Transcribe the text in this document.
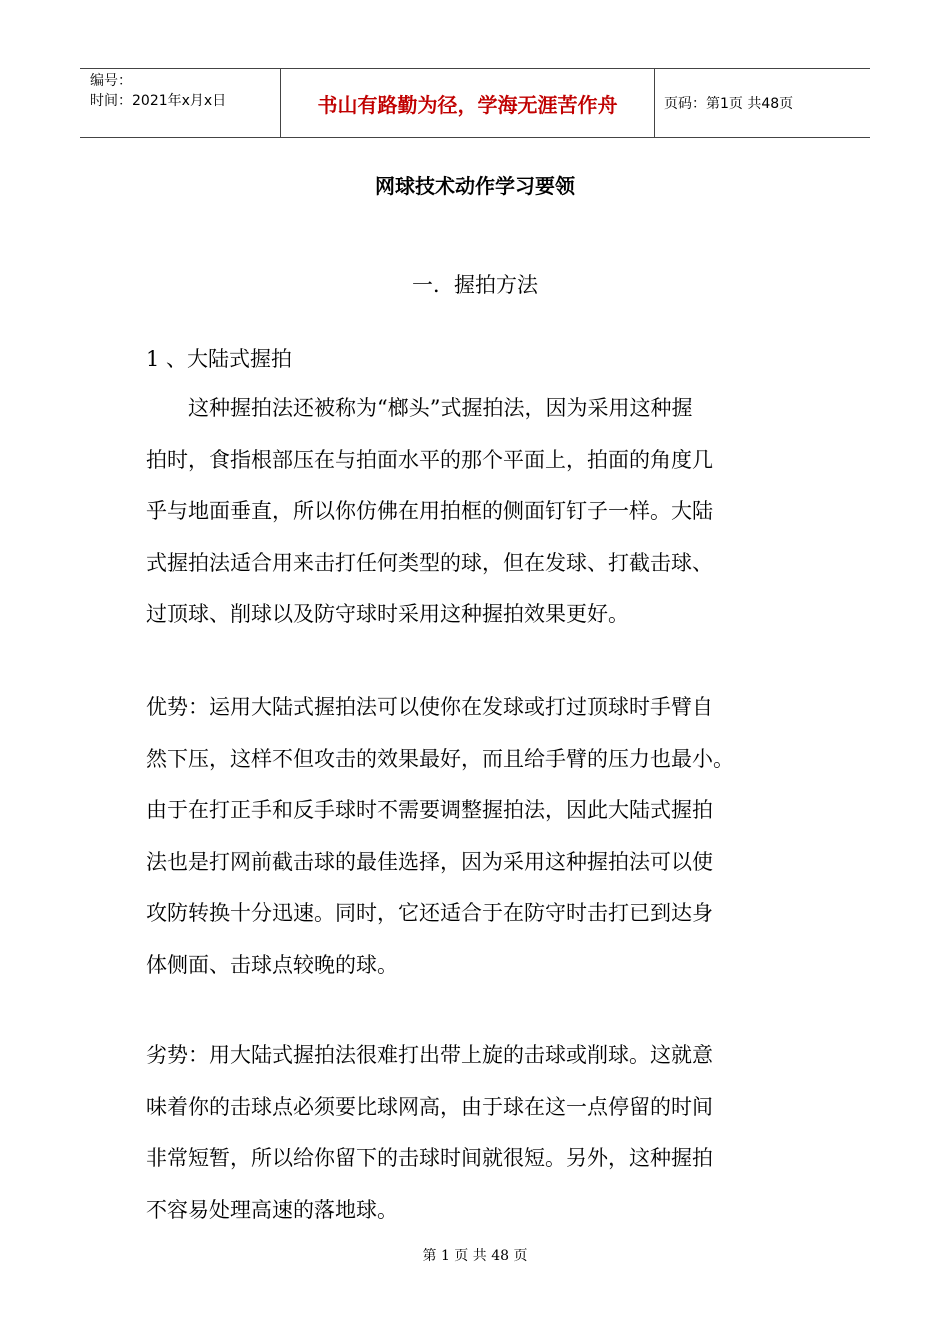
编号：
时间：2021年x月x日	书山有路勤为径，学海无涯苦作舟	页码：第1页 共48页
网球技术动作学习要领
一．握拍方法
1 、大陆式握拍
这种握拍法还被称为“榔头”式握拍法，因为采用这种握
拍时，食指根部压在与拍面水平的那个平面上，拍面的角度几
乎与地面垂直，所以你仿佛在用拍框的侧面钉钉子一样。大陆
式握拍法适合用来击打任何类型的球，但在发球、打截击球、
过顶球、削球以及防守球时采用这种握拍效果更好。
优势：运用大陆式握拍法可以使你在发球或打过顶球时手臂自
然下压，这样不但攻击的效果最好，而且给手臂的压力也最小。
由于在打正手和反手球时不需要调整握拍法，因此大陆式握拍
法也是打网前截击球的最佳选择，因为采用这种握拍法可以使
攻防转换十分迅速。同时，它还适合于在防守时击打已到达身
体侧面、击球点较晚的球。
劣势：用大陆式握拍法很难打出带上旋的击球或削球。这就意
味着你的击球点必须要比球网高，由于球在这一点停留的时间
非常短暂，所以给你留下的击球时间就很短。另外，这种握拍
不容易处理高速的落地球。
第 1 页 共 48 页
